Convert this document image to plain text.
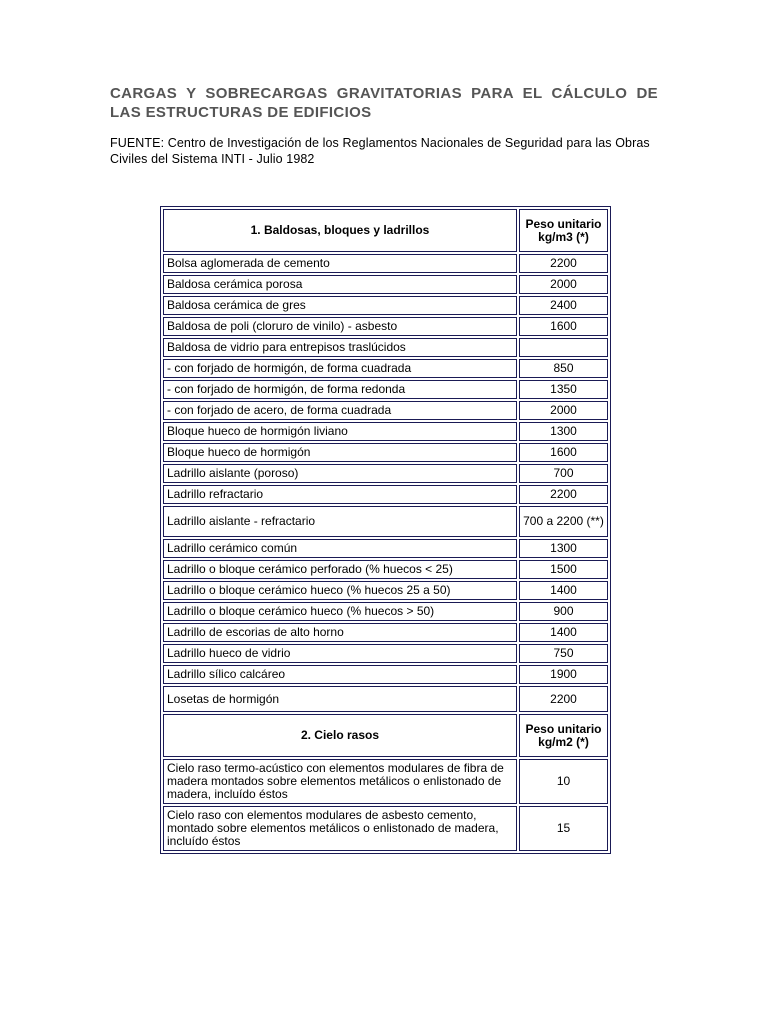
CARGAS Y SOBRECARGAS GRAVITATORIAS PARA EL CÁLCULO DE LAS ESTRUCTURAS DE EDIFICIOS
FUENTE: Centro de Investigación de los Reglamentos Nacionales de Seguridad para las Obras Civiles del Sistema INTI - Julio 1982
1. Baldosas, bloques y ladrillos	Peso unitario kg/m3 (*)
Bolsa aglomerada de cemento	2200
Baldosa cerámica porosa	2000
Baldosa cerámica de gres	2400
Baldosa de poli (cloruro de vinilo) - asbesto	1600
Baldosa de vidrio para entrepisos traslúcidos	
- con forjado de hormigón, de forma cuadrada	850
- con forjado de hormigón, de forma redonda	1350
- con forjado de acero, de forma cuadrada	2000
Bloque hueco de hormigón liviano	1300
Bloque hueco de hormigón	1600
Ladrillo aislante (poroso)	700
Ladrillo refractario	2200
Ladrillo aislante - refractario	700 a 2200 (**)
Ladrillo cerámico común	1300
Ladrillo o bloque cerámico perforado (% huecos < 25)	1500
Ladrillo o bloque cerámico hueco (% huecos 25 a 50)	1400
Ladrillo o bloque cerámico hueco (% huecos > 50)	900
Ladrillo de escorias de alto horno	1400
Ladrillo hueco de vidrio	750
Ladrillo sílico calcáreo	1900
Losetas de hormigón	2200
2. Cielo rasos	Peso unitario kg/m2 (*)
Cielo raso termo-acústico con elementos modulares de fibra de madera montados sobre elementos metálicos o enlistonado de madera, incluído éstos	10
Cielo raso con elementos modulares de asbesto cemento, montado sobre elementos metálicos o enlistonado de madera, incluído éstos	15
